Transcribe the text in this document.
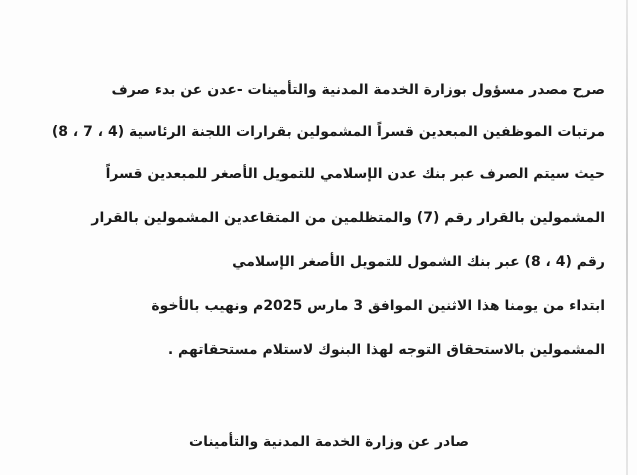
صرح مصدر مسؤول بوزارة الخدمة المدنية والتأمينات -عدن عن بدء صرف
مرتبات الموظفين المبعدين قسراً المشمولين بقرارات اللجنة الرئاسية (4 ، 7 ، 8)
حيث سيتم الصرف عبر بنك عدن الإسلامي للتمويل الأصغر للمبعدين قسراً
المشمولين بالقرار رقم (7) والمتظلمين من المتقاعدين المشمولين بالقرار
رقم (4 ، 8) عبر بنك الشمول للتمويل الأصغر الإسلامي
ابتداء من يومنا هذا الاثنين الموافق 3 مارس 2025م ونهيب بالأخوة
المشمولين بالاستحقاق التوجه لهذا البنوك لاستلام مستحقاتهم .
صادر عن وزارة الخدمة المدنية والتأمينات
